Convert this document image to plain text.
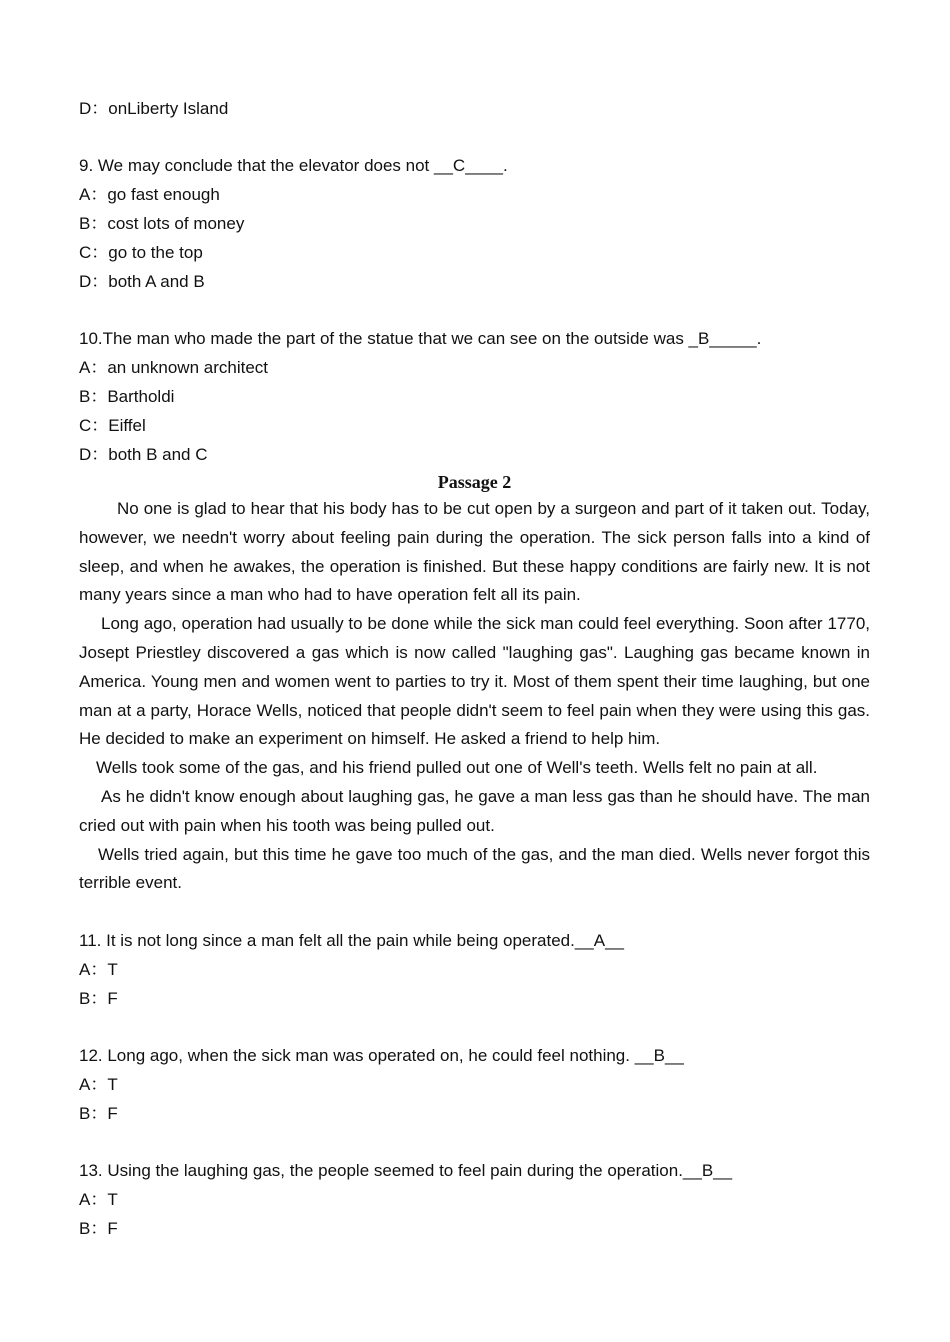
D：onLiberty Island
9. We may conclude that the elevator does not __C____.
A：go fast enough
B：cost lots of money
C：go to the top
D：both A and B
10.The man who made the part of the statue that we can see on the outside was _B_____.
A：an unknown architect
B：Bartholdi
C：Eiffel
D：both B and C
Passage 2

No one is glad to hear that his body has to be cut open by a surgeon and part of it taken out. Today, however, we needn't worry about feeling pain during the operation. The sick person falls into a kind of sleep, and when he awakes, the operation is finished. But these happy conditions are fairly new. It is not many years since a man who had to have operation felt all its pain.

Long ago, operation had usually to be done while the sick man could feel everything. Soon after 1770, Josept Priestley discovered a gas which is now called "laughing gas". Laughing gas became known in America. Young men and women went to parties to try it. Most of them spent their time laughing, but one man at a party, Horace Wells, noticed that people didn't seem to feel pain when they were using this gas. He decided to make an experiment on himself. He asked a friend to help him.

Wells took some of the gas, and his friend pulled out one of Well's teeth. Wells felt no pain at all.

As he didn't know enough about laughing gas, he gave a man less gas than he should have. The man cried out with pain when his tooth was being pulled out.

Wells tried again, but this time he gave too much of the gas, and the man died. Wells never forgot this terrible event.

11. It is not long since a man felt all the pain while being operated.__A__
A：T
B：F
12. Long ago, when the sick man was operated on, he could feel nothing. __B__
A：T
B：F
13. Using the laughing gas, the people seemed to feel pain during the operation.__B__
A：T
B：F
